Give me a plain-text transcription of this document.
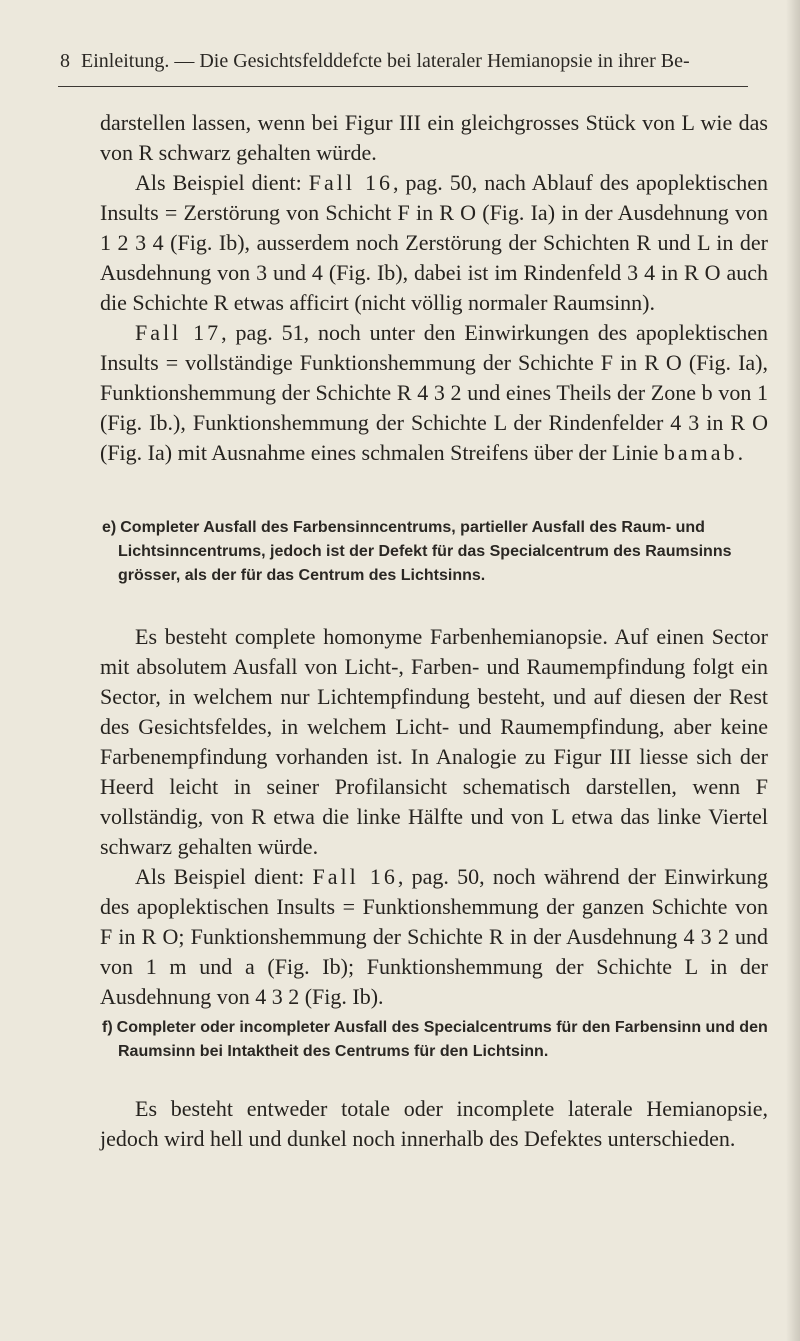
8 Einleitung. — Die Gesichtsfelddefcte bei lateraler Hemianopsie in ihrer Be-

darstellen lassen, wenn bei Figur III ein gleichgrosses Stück von L wie das von R schwarz gehalten würde.

Als Beispiel dient: Fall 16, pag. 50, nach Ablauf des apoplektischen Insults = Zerstörung von Schicht F in R O (Fig. Ia) in der Ausdehnung von 1 2 3 4 (Fig. Ib), ausserdem noch Zerstörung der Schichten R und L in der Ausdehnung von 3 und 4 (Fig. Ib), dabei ist im Rindenfeld 3 4 in R O auch die Schichte R etwas afficirt (nicht völlig normaler Raumsinn).

Fall 17, pag. 51, noch unter den Einwirkungen des apoplektischen Insults = vollständige Funktionshemmung der Schichte F in R O (Fig. Ia), Funktionshemmung der Schichte R 4 3 2 und eines Theils der Zone b von 1 (Fig. Ib.), Funktionshemmung der Schichte L der Rindenfelder 4 3 in R O (Fig. Ia) mit Ausnahme eines schmalen Streifens über der Linie bamab.

e) Completer Ausfall des Farbensinncentrums, partieller Ausfall des Raum- und Lichtsinncentrums, jedoch ist der Defekt für das Specialcentrum des Raumsinns grösser, als der für das Centrum des Lichtsinns.

Es besteht complete homonyme Farbenhemianopsie. Auf einen Sector mit absolutem Ausfall von Licht-, Farben- und Raumempfindung folgt ein Sector, in welchem nur Lichtempfindung besteht, und auf diesen der Rest des Gesichtsfeldes, in welchem Licht- und Raumempfindung, aber keine Farbenempfindung vorhanden ist. In Analogie zu Figur III liesse sich der Heerd leicht in seiner Profilansicht schematisch darstellen, wenn F vollständig, von R etwa die linke Hälfte und von L etwa das linke Viertel schwarz gehalten würde.

Als Beispiel dient: Fall 16, pag. 50, noch während der Einwirkung des apoplektischen Insults = Funktionshemmung der ganzen Schichte von F in R O; Funktionshemmung der Schichte R in der Ausdehnung 4 3 2 und von 1 m und a (Fig. Ib); Funktionshemmung der Schichte L in der Ausdehnung von 4 3 2 (Fig. Ib).

f) Completer oder incompleter Ausfall des Specialcentrums für den Farbensinn und den Raumsinn bei Intaktheit des Centrums für den Lichtsinn.

Es besteht entweder totale oder incomplete laterale Hemianopsie, jedoch wird hell und dunkel noch innerhalb des Defektes unterschieden.
